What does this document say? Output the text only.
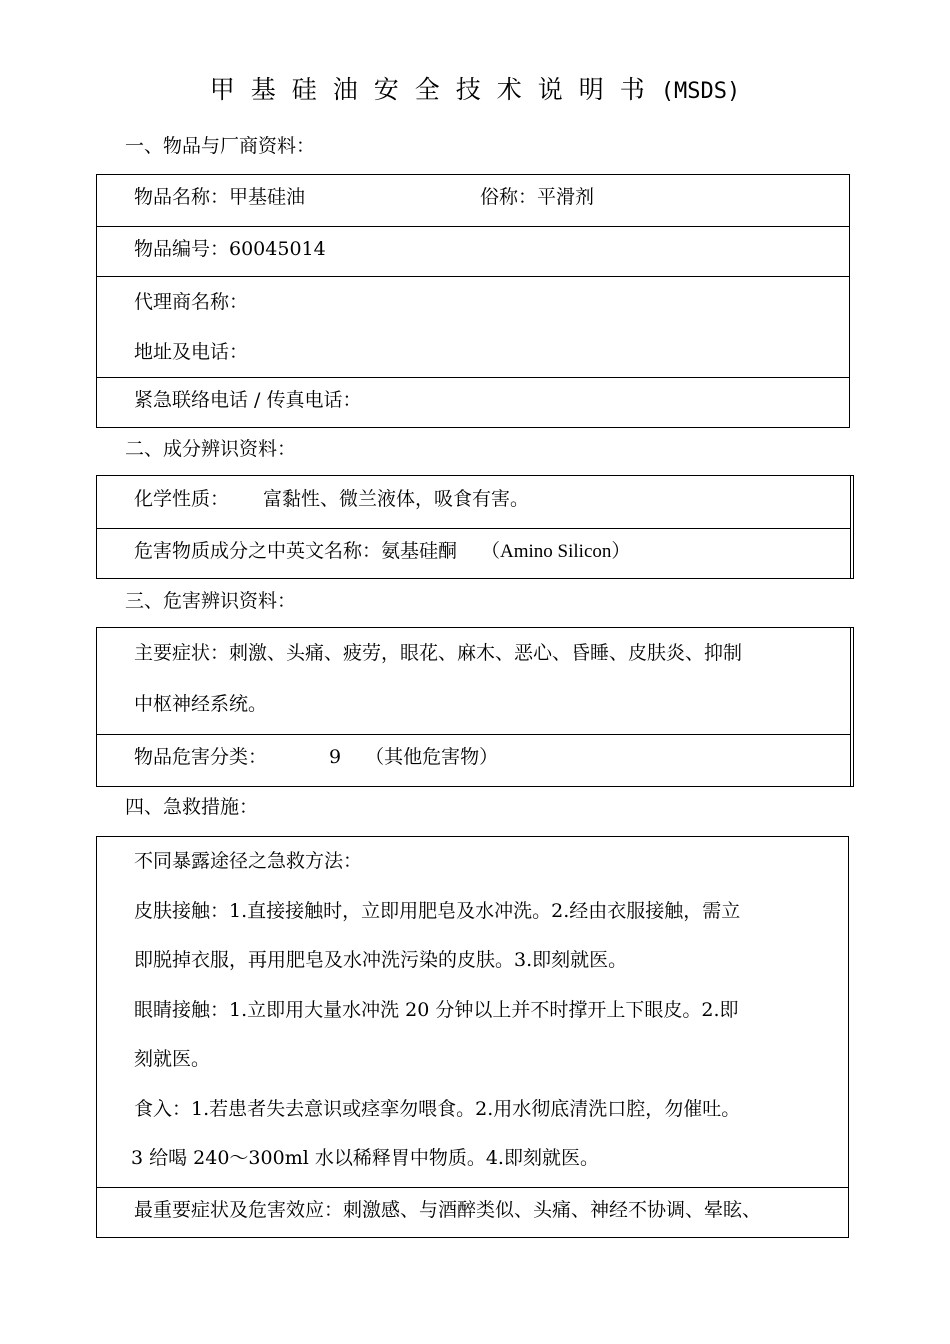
甲基硅油安全技术说明书(MSDS)
一、物品与厂商资料：
物品名称：甲基硅油	俗称：平滑剂
物品编号：60045014
代理商名称：
地址及电话：
紧急联络电话 / 传真电话：
二、成分辨识资料：
化学性质： 富黏性、微兰液体，吸食有害。
危害物质成分之中英文名称：氨基硅酮 （Amino Silicon）
三、危害辨识资料：
主要症状：刺激、头痛、疲劳，眼花、麻木、恶心、昏睡、皮肤炎、抑制
中枢神经系统。
物品危害分类：	9 （其他危害物）
四、急救措施：
不同暴露途径之急救方法：
皮肤接触：1.直接接触时，立即用肥皂及水冲洗。2.经由衣服接触，需立
即脱掉衣服，再用肥皂及水冲洗污染的皮肤。3.即刻就医。
眼睛接触：1.立即用大量水冲洗 20 分钟以上并不时撑开上下眼皮。2.即
刻就医。
食入：1.若患者失去意识或痉挛勿喂食。2.用水彻底清洗口腔，勿催吐。
3 给喝 240～300ml 水以稀释胃中物质。4.即刻就医。
最重要症状及危害效应：刺激感、与酒醉类似、头痛、神经不协调、晕眩、
